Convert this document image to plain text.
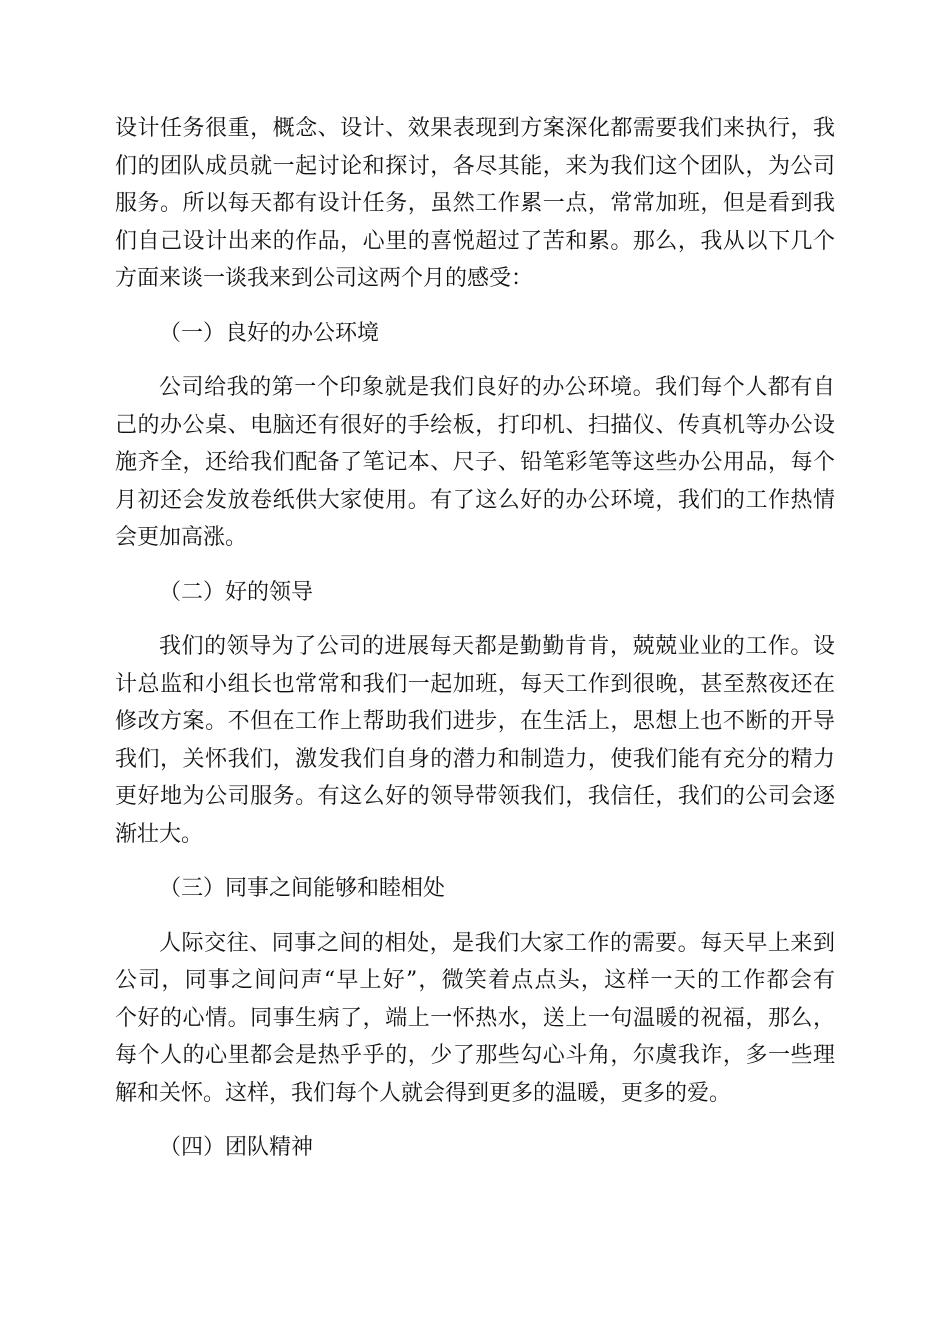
设计任务很重，概念、设计、效果表现到方案深化都需要我们来执行，我
们的团队成员就一起讨论和探讨，各尽其能，来为我们这个团队，为公司
服务。所以每天都有设计任务，虽然工作累一点，常常加班，但是看到我
们自己设计出来的作品，心里的喜悦超过了苦和累。那么，我从以下几个
方面来谈一谈我来到公司这两个月的感受：
（一）良好的办公环境
公司给我的第一个印象就是我们良好的办公环境。我们每个人都有自
己的办公桌、电脑还有很好的手绘板，打印机、扫描仪、传真机等办公设
施齐全，还给我们配备了笔记本、尺子、铅笔彩笔等这些办公用品，每个
月初还会发放卷纸供大家使用。有了这么好的办公环境，我们的工作热情
会更加高涨。
（二）好的领导
我们的领导为了公司的进展每天都是勤勤肯肯，兢兢业业的工作。设
计总监和小组长也常常和我们一起加班，每天工作到很晚，甚至熬夜还在
修改方案。不但在工作上帮助我们进步，在生活上，思想上也不断的开导
我们，关怀我们，激发我们自身的潜力和制造力，使我们能有充分的精力
更好地为公司服务。有这么好的领导带领我们，我信任，我们的公司会逐
渐壮大。
（三）同事之间能够和睦相处
人际交往、同事之间的相处，是我们大家工作的需要。每天早上来到
公司，同事之间问声“早上好”，微笑着点点头，这样一天的工作都会有
个好的心情。同事生病了，端上一怀热水，送上一句温暖的祝福，那么，
每个人的心里都会是热乎乎的，少了那些勾心斗角，尔虞我诈，多一些理
解和关怀。这样，我们每个人就会得到更多的温暖，更多的爱。
（四）团队精神
